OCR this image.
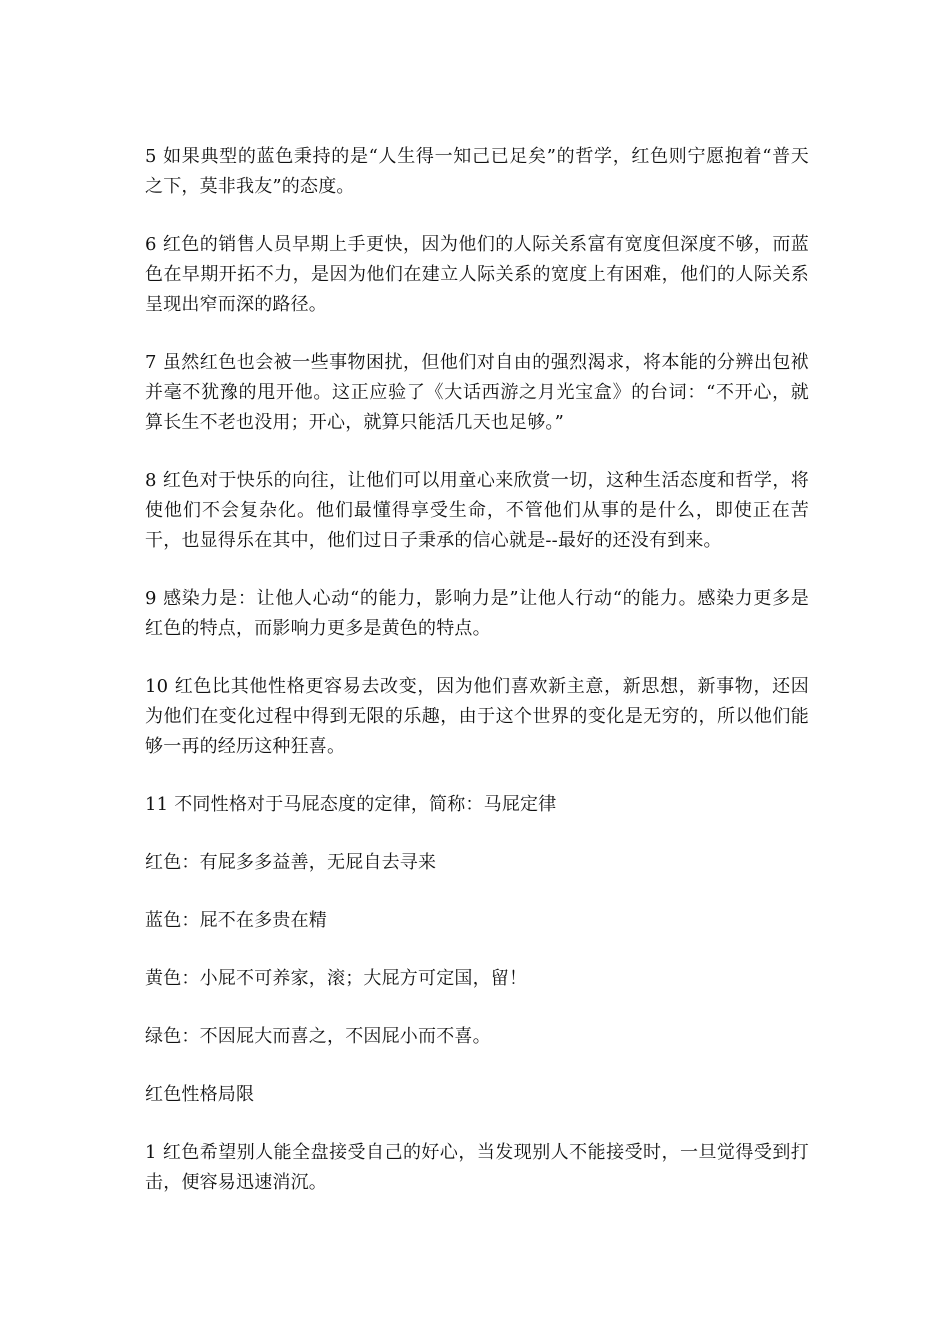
5 如果典型的蓝色秉持的是“人生得一知己已足矣”的哲学，红色则宁愿抱着“普天之下，莫非我友”的态度。

6 红色的销售人员早期上手更快，因为他们的人际关系富有宽度但深度不够，而蓝色在早期开拓不力，是因为他们在建立人际关系的宽度上有困难，他们的人际关系呈现出窄而深的路径。

7 虽然红色也会被一些事物困扰，但他们对自由的强烈渴求，将本能的分辨出包袱并毫不犹豫的甩开他。这正应验了《大话西游之月光宝盒》的台词：“不开心，就算长生不老也没用；开心，就算只能活几天也足够。”

8 红色对于快乐的向往，让他们可以用童心来欣赏一切，这种生活态度和哲学，将使他们不会复杂化。他们最懂得享受生命，不管他们从事的是什么，即使正在苦干，也显得乐在其中，他们过日子秉承的信心就是--最好的还没有到来。

9 感染力是：让他人心动“的能力，影响力是”让他人行动“的能力。感染力更多是红色的特点，而影响力更多是黄色的特点。

10 红色比其他性格更容易去改变，因为他们喜欢新主意，新思想，新事物，还因为他们在变化过程中得到无限的乐趣，由于这个世界的变化是无穷的，所以他们能够一再的经历这种狂喜。

11 不同性格对于马屁态度的定律，简称：马屁定律

红色：有屁多多益善，无屁自去寻来

蓝色：屁不在多贵在精

黄色：小屁不可养家，滚；大屁方可定国，留！

绿色：不因屁大而喜之，不因屁小而不喜。

红色性格局限

1 红色希望别人能全盘接受自己的好心，当发现别人不能接受时，一旦觉得受到打击，便容易迅速消沉。
